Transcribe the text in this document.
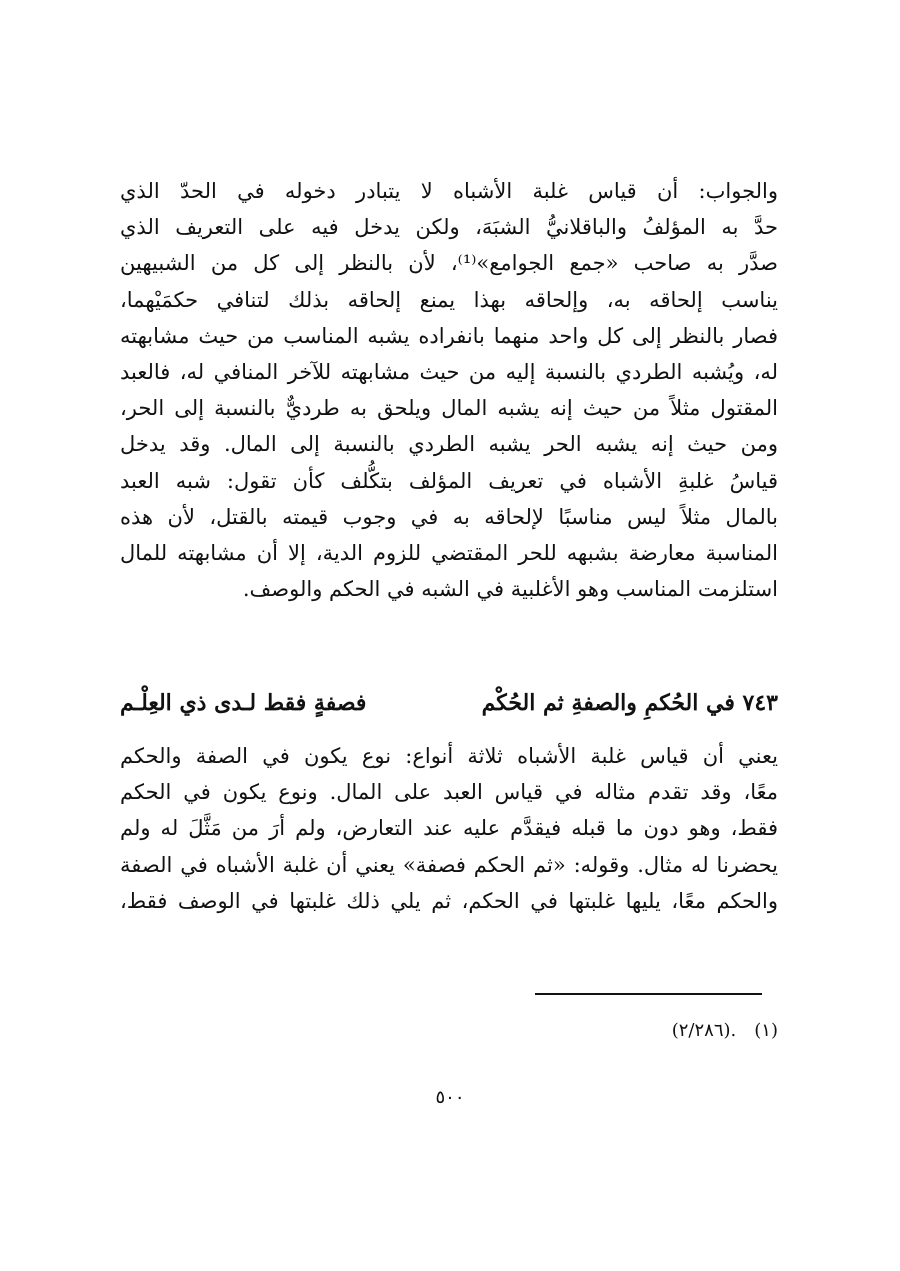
والجواب: أن قياس غلبة الأشباه لا يتبادر دخوله في الحدّ الذي
حدَّ به المؤلفُ والباقلانيُّ الشبَهَ، ولكن يدخل فيه على التعريف الذي
صدَّر به صاحب «جمع الجوامع»⁽¹⁾، لأن بالنظر إلى كل من الشبيهين
يناسب إلحاقه به، وإلحاقه بهذا يمنع إلحاقه بذلك لتنافي حكمَيْهما،
فصار بالنظر إلى كل واحد منهما بانفراده يشبه المناسب من حيث مشابهته
له، ويُشبه الطردي بالنسبة إليه من حيث مشابهته للآخر المنافي له، فالعبد
المقتول مثلاً من حيث إنه يشبه المال ويلحق به طرديٌّ بالنسبة إلى الحر،
ومن حيث إنه يشبه الحر يشبه الطردي بالنسبة إلى المال. وقد يدخل
قياسُ غلبةِ الأشباه في تعريف المؤلف بتكُّلف كأن تقول: شبه العبد
بالمال مثلاً ليس مناسبًا لإلحاقه به في وجوب قيمته بالقتل، لأن هذه
المناسبة معارضة بشبهه للحر المقتضي للزوم الدية، إلا أن مشابهته للمال
استلزمت المناسب وهو الأغلبية في الشبه في الحكم والوصف.
٧٤٣ في الحُكمِ والصفةِ ثم الحُكْم
فصفةٍ فقط لـدى ذي العِلْـم
يعني أن قياس غلبة الأشباه ثلاثة أنواع: نوع يكون في الصفة والحكم
معًا، وقد تقدم مثاله في قياس العبد على المال. ونوع يكون في الحكم
فقط، وهو دون ما قبله فيقدَّم عليه عند التعارض، ولم أرَ من مَثَّلَ له ولم
يحضرنا له مثال. وقوله: «ثم الحكم فصفة» يعني أن غلبة الأشباه في الصفة
والحكم معًا، يليها غلبتها في الحكم، ثم يلي ذلك غلبتها في الوصف فقط،
(١)(٢/٢٨٦).
٥٠٠
